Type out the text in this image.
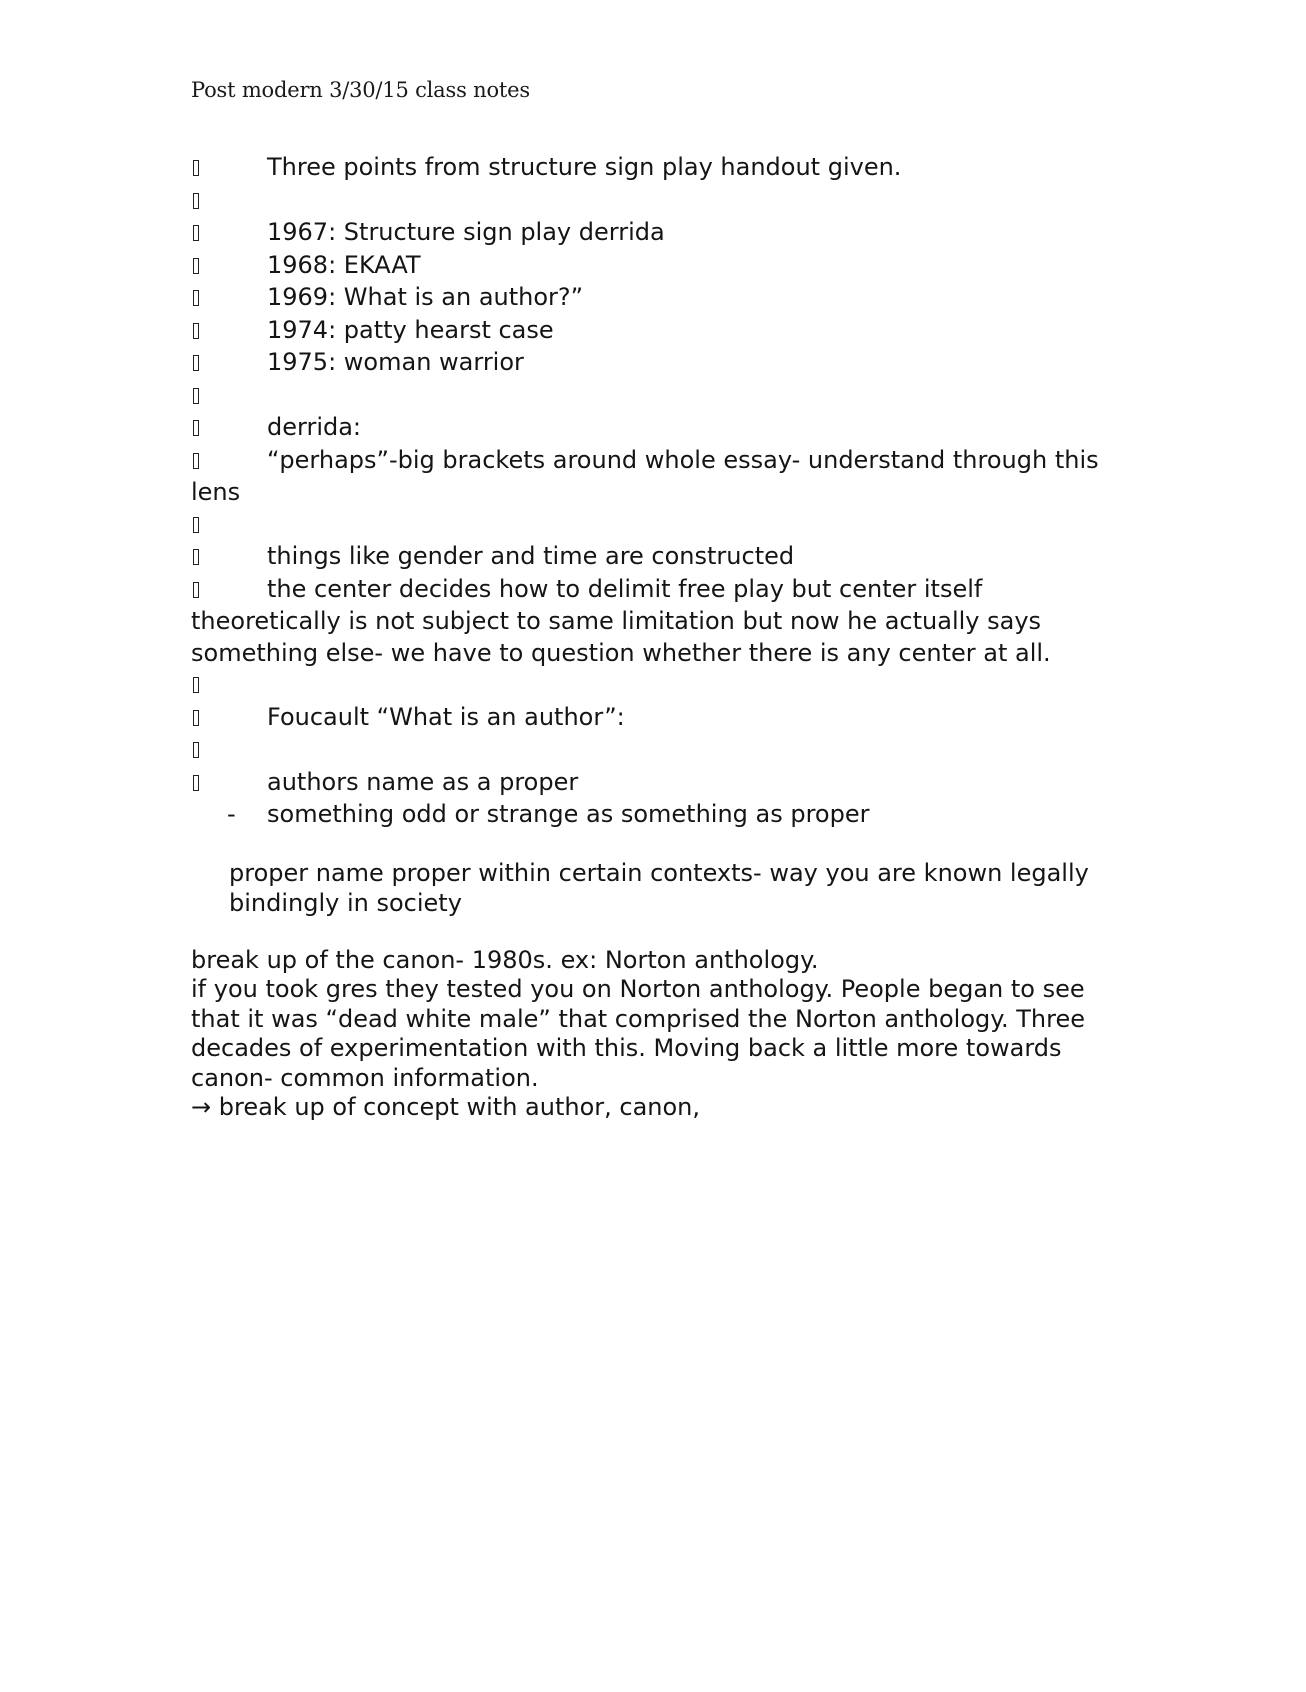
Post modern 3/30/15 class notes
Three points from structure sign play handout given.
1967: Structure sign play derrida
1968: EKAAT
1969: What is an author?”
1974: patty hearst case
1975: woman warrior
derrida:
“perhaps”-big brackets around whole essay- understand through this lens
things like gender and time are constructed
the center decides how to delimit free play but center itself theoretically is not subject to same limitation but now he actually says something else- we have to question whether there is any center at all.
Foucault “What is an author”:
authors name as a proper
- something odd or strange as something as proper
proper name proper within certain contexts- way you are known legally bindingly in society
break up of the canon- 1980s. ex: Norton anthology.
if you took gres they tested you on Norton anthology. People began to see that it was “dead white male” that comprised the Norton anthology. Three decades of experimentation with this. Moving back a little more towards canon- common information.
→ break up of concept with author, canon,
